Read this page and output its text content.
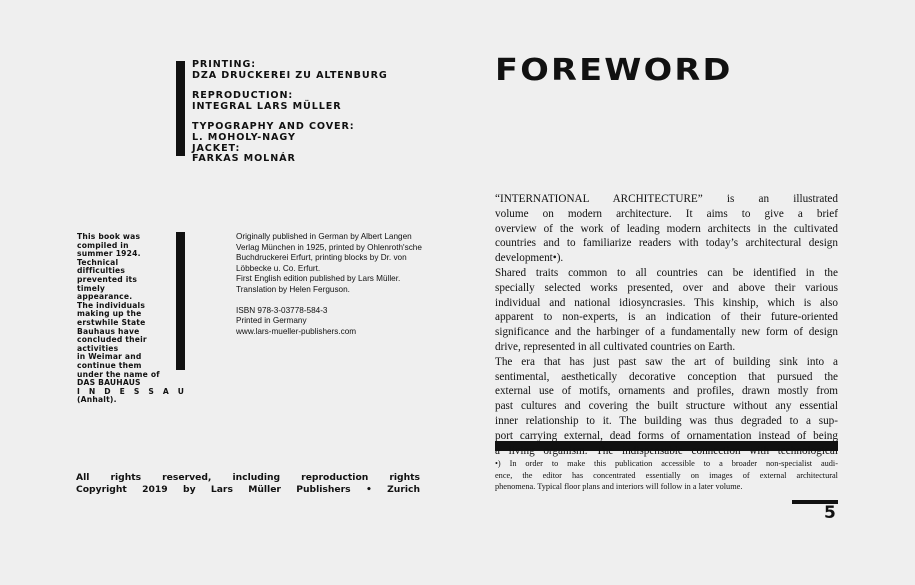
PRINTING:
DZA DRUCKEREI ZU ALTENBURG
REPRODUCTION:
INTEGRAL LARS MÜLLER
TYPOGRAPHY AND COVER:
L. MOHOLY-NAGY
JACKET:
FARKAS MOLNÁR
This book was
compiled in
summer 1924.
Technical
difficulties
prevented its
timely
appearance.
The individuals
making up the
erstwhile State
Bauhaus have
concluded their
activities
in Weimar and
continue them
under the name of
DAS BAUHAUS
I N D E S S A U
(Anhalt).
Originally published in German by Albert Langen
Verlag München in 1925, printed by Ohlenroth'sche
Buchdruckerei Erfurt, printing blocks by Dr. von
Löbbecke u. Co. Erfurt.
First English edition published by Lars Müller.
Translation by Helen Ferguson.
ISBN 978-3-03778-584-3
Printed in Germany
www.lars-mueller-publishers.com
All rights reserved, including reproduction rights
Copyright 2019 by Lars Müller Publishers • Zurich
FOREWORD
“INTERNATIONAL ARCHITECTURE” is an illustrated
volume on modern architecture. It aims to give a brief
overview of the work of leading modern architects in the cultivated
countries and to familiarize readers with today’s architectural design
development•).
Shared traits common to all countries can be identified in the
specially selected works presented, over and above their various
individual and national idiosyncrasies. This kinship, which is also
apparent to non-experts, is an indication of their future-oriented
significance and the harbinger of a fundamentally new form of design
drive, represented in all cultivated countries on Earth.
The era that has just past saw the art of building sink into a
sentimental, aesthetically decorative conception that pursued the
external use of motifs, ornaments and profiles, drawn mostly from
past cultures and covering the built structure without any essential
inner relationship to it. The building was thus degraded to a sup-
port carrying external, dead forms of ornamentation instead of being
a living organism. The indispensable connection with technological
•) In order to make this publication accessible to a broader non-specialist audi-
ence, the editor has concentrated essentially on images of external architectural
phenomena. Typical floor plans and interiors will follow in a later volume.
5
